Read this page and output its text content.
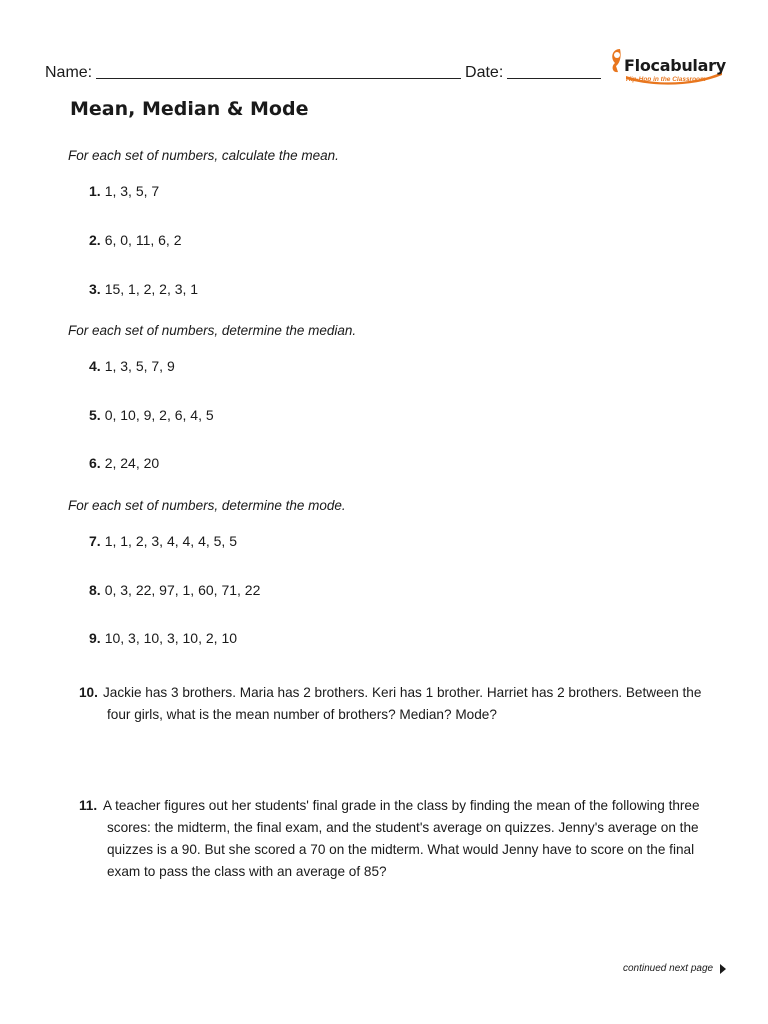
Name:	Date:	Flocabulary
Hip-Hop in the Classroom
Mean, Median & Mode
For each set of numbers, calculate the mean.
1. 1, 3, 5, 7
2. 6, 0, 11, 6, 2
3. 15, 1, 2, 2, 3, 1
For each set of numbers, determine the median.
4. 1, 3, 5, 7, 9
5. 0, 10, 9, 2, 6, 4, 5
6. 2, 24, 20
For each set of numbers, determine the mode.
7. 1, 1, 2, 3, 4, 4, 4, 5, 5
8. 0, 3, 22, 97, 1, 60, 71, 22
9. 10, 3, 10, 3, 10, 2, 10
10. Jackie has 3 brothers. Maria has 2 brothers. Keri has 1 brother. Harriet has 2 brothers. Between the four girls, what is the mean number of brothers? Median? Mode?
11. A teacher figures out her students' final grade in the class by finding the mean of the following three scores: the midterm, the final exam, and the student's average on quizzes. Jenny's average on the quizzes is a 90. But she scored a 70 on the midterm. What would Jenny have to score on the final exam to pass the class with an average of 85?
continued next page
